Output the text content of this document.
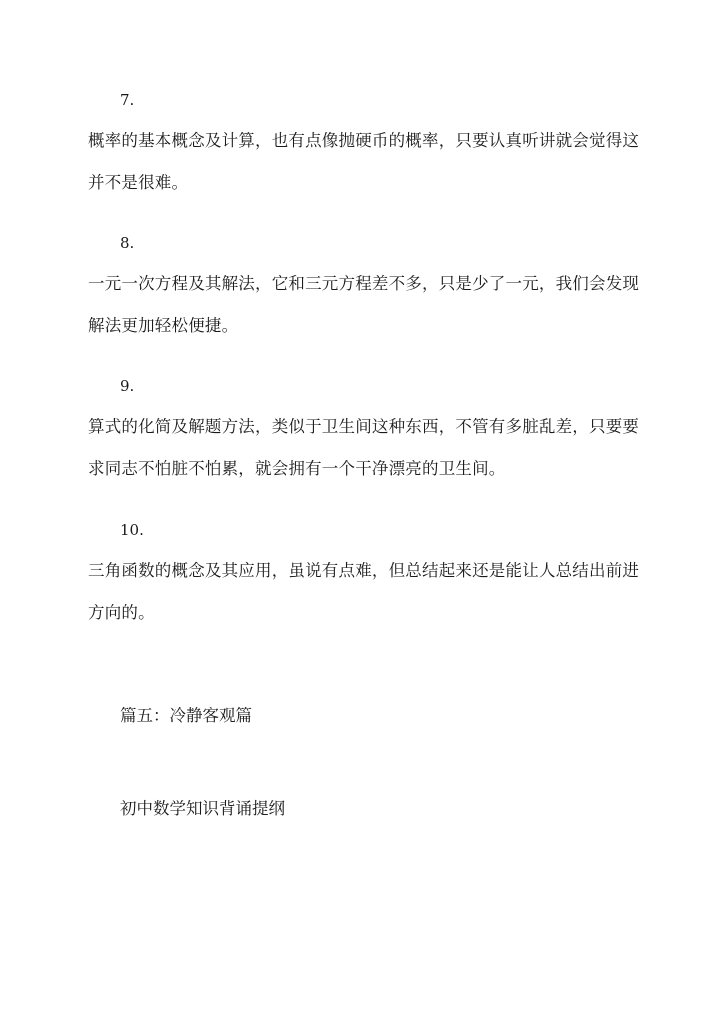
7.
概率的基本概念及计算，也有点像抛硬币的概率，只要认真听讲就会觉得这并不是很难。
8.
一元一次方程及其解法，它和三元方程差不多，只是少了一元，我们会发现解法更加轻松便捷。
9.
算式的化简及解题方法，类似于卫生间这种东西，不管有多脏乱差，只要要求同志不怕脏不怕累，就会拥有一个干净漂亮的卫生间。
10.
三角函数的概念及其应用，虽说有点难，但总结起来还是能让人总结出前进方向的。
篇五：冷静客观篇
初中数学知识背诵提纲
